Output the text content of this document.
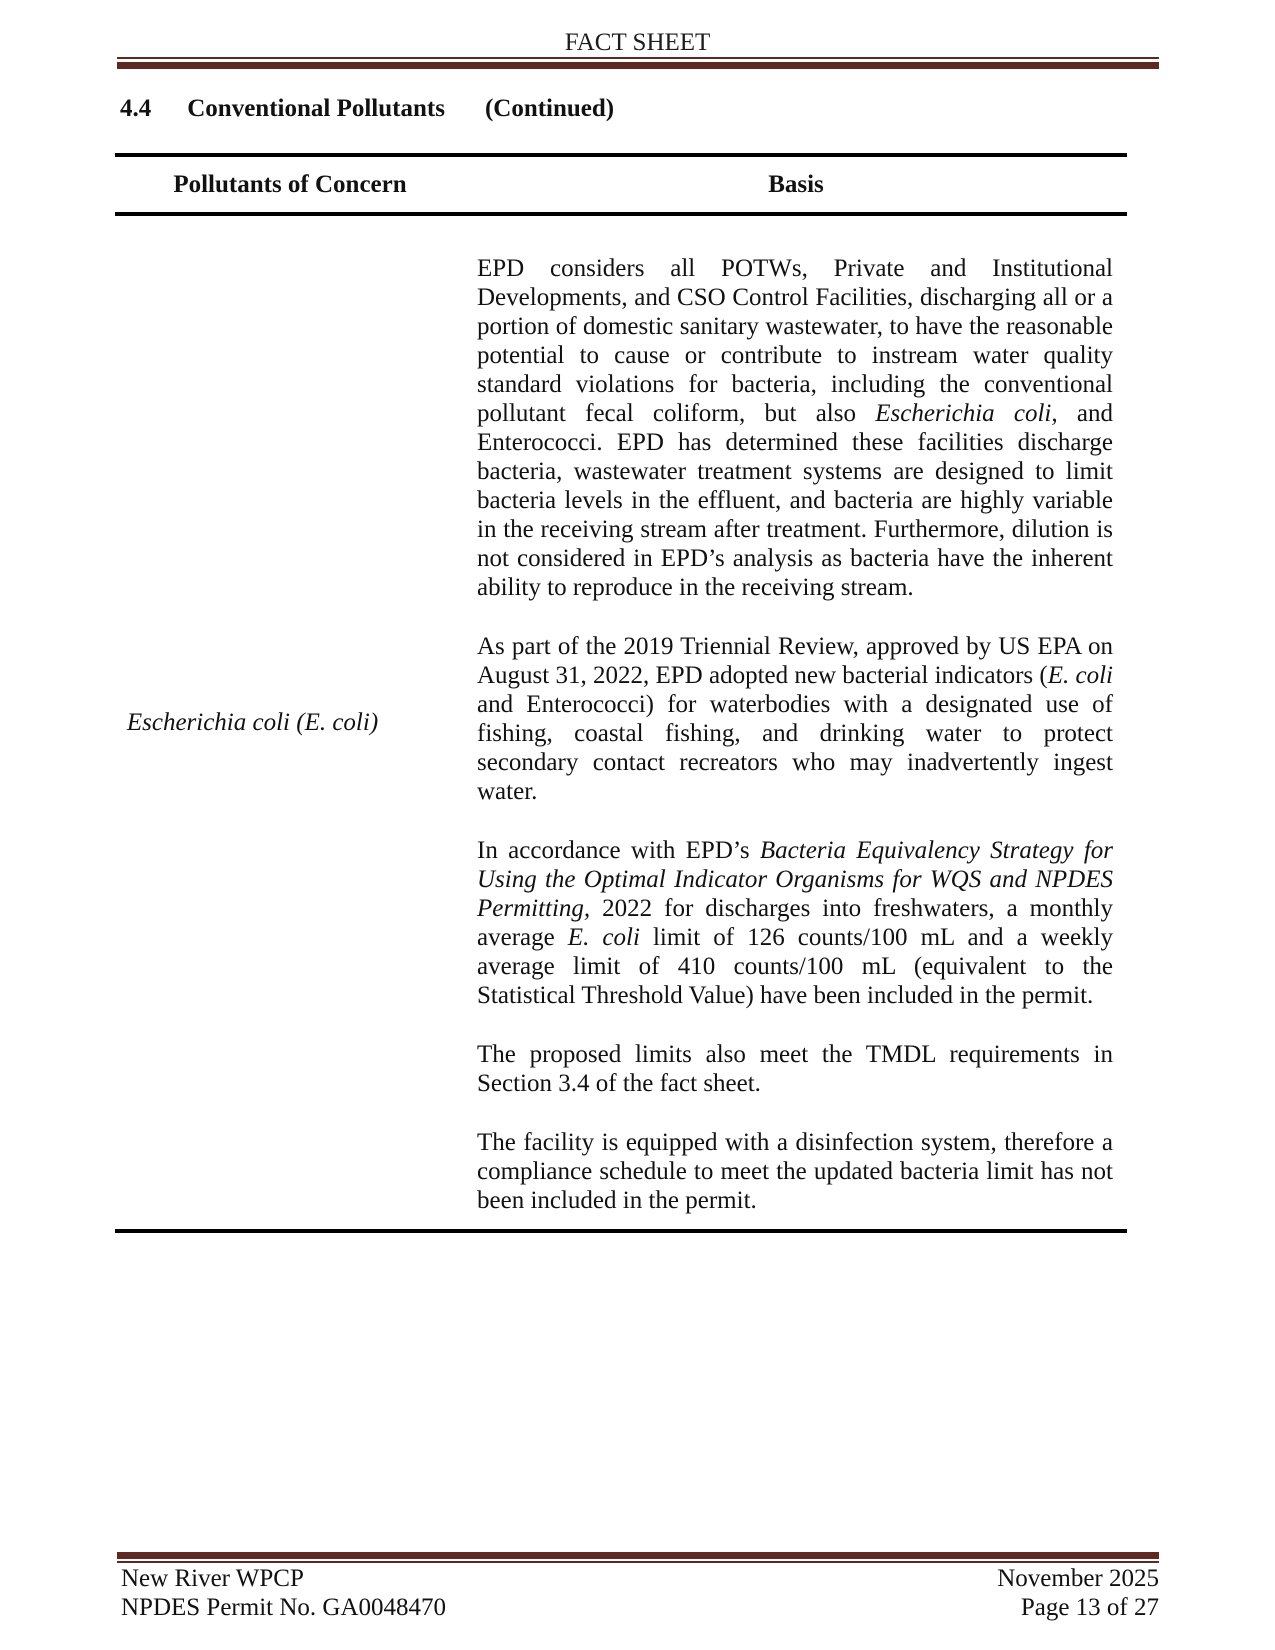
FACT SHEET
4.4 Conventional Pollutants (Continued)
Pollutants of Concern	Basis
Escherichia coli (E. coli)

EPD considers all POTWs, Private and Institutional Developments, and CSO Control Facilities, discharging all or a portion of domestic sanitary wastewater, to have the reasonable potential to cause or contribute to instream water quality standard violations for bacteria, including the conventional pollutant fecal coliform, but also Escherichia coli, and Enterococci. EPD has determined these facilities discharge bacteria, wastewater treatment systems are designed to limit bacteria levels in the effluent, and bacteria are highly variable in the receiving stream after treatment. Furthermore, dilution is not considered in EPD’s analysis as bacteria have the inherent ability to reproduce in the receiving stream.

As part of the 2019 Triennial Review, approved by US EPA on August 31, 2022, EPD adopted new bacterial indicators (E. coli and Enterococci) for waterbodies with a designated use of fishing, coastal fishing, and drinking water to protect secondary contact recreators who may inadvertently ingest water.

In accordance with EPD’s Bacteria Equivalency Strategy for Using the Optimal Indicator Organisms for WQS and NPDES Permitting, 2022 for discharges into freshwaters, a monthly average E. coli limit of 126 counts/100 mL and a weekly average limit of 410 counts/100 mL (equivalent to the Statistical Threshold Value) have been included in the permit.

The proposed limits also meet the TMDL requirements in Section 3.4 of the fact sheet.

The facility is equipped with a disinfection system, therefore a compliance schedule to meet the updated bacteria limit has not been included in the permit.

New River WPCP
NPDES Permit No. GA0048470
November 2025
Page 13 of 27
